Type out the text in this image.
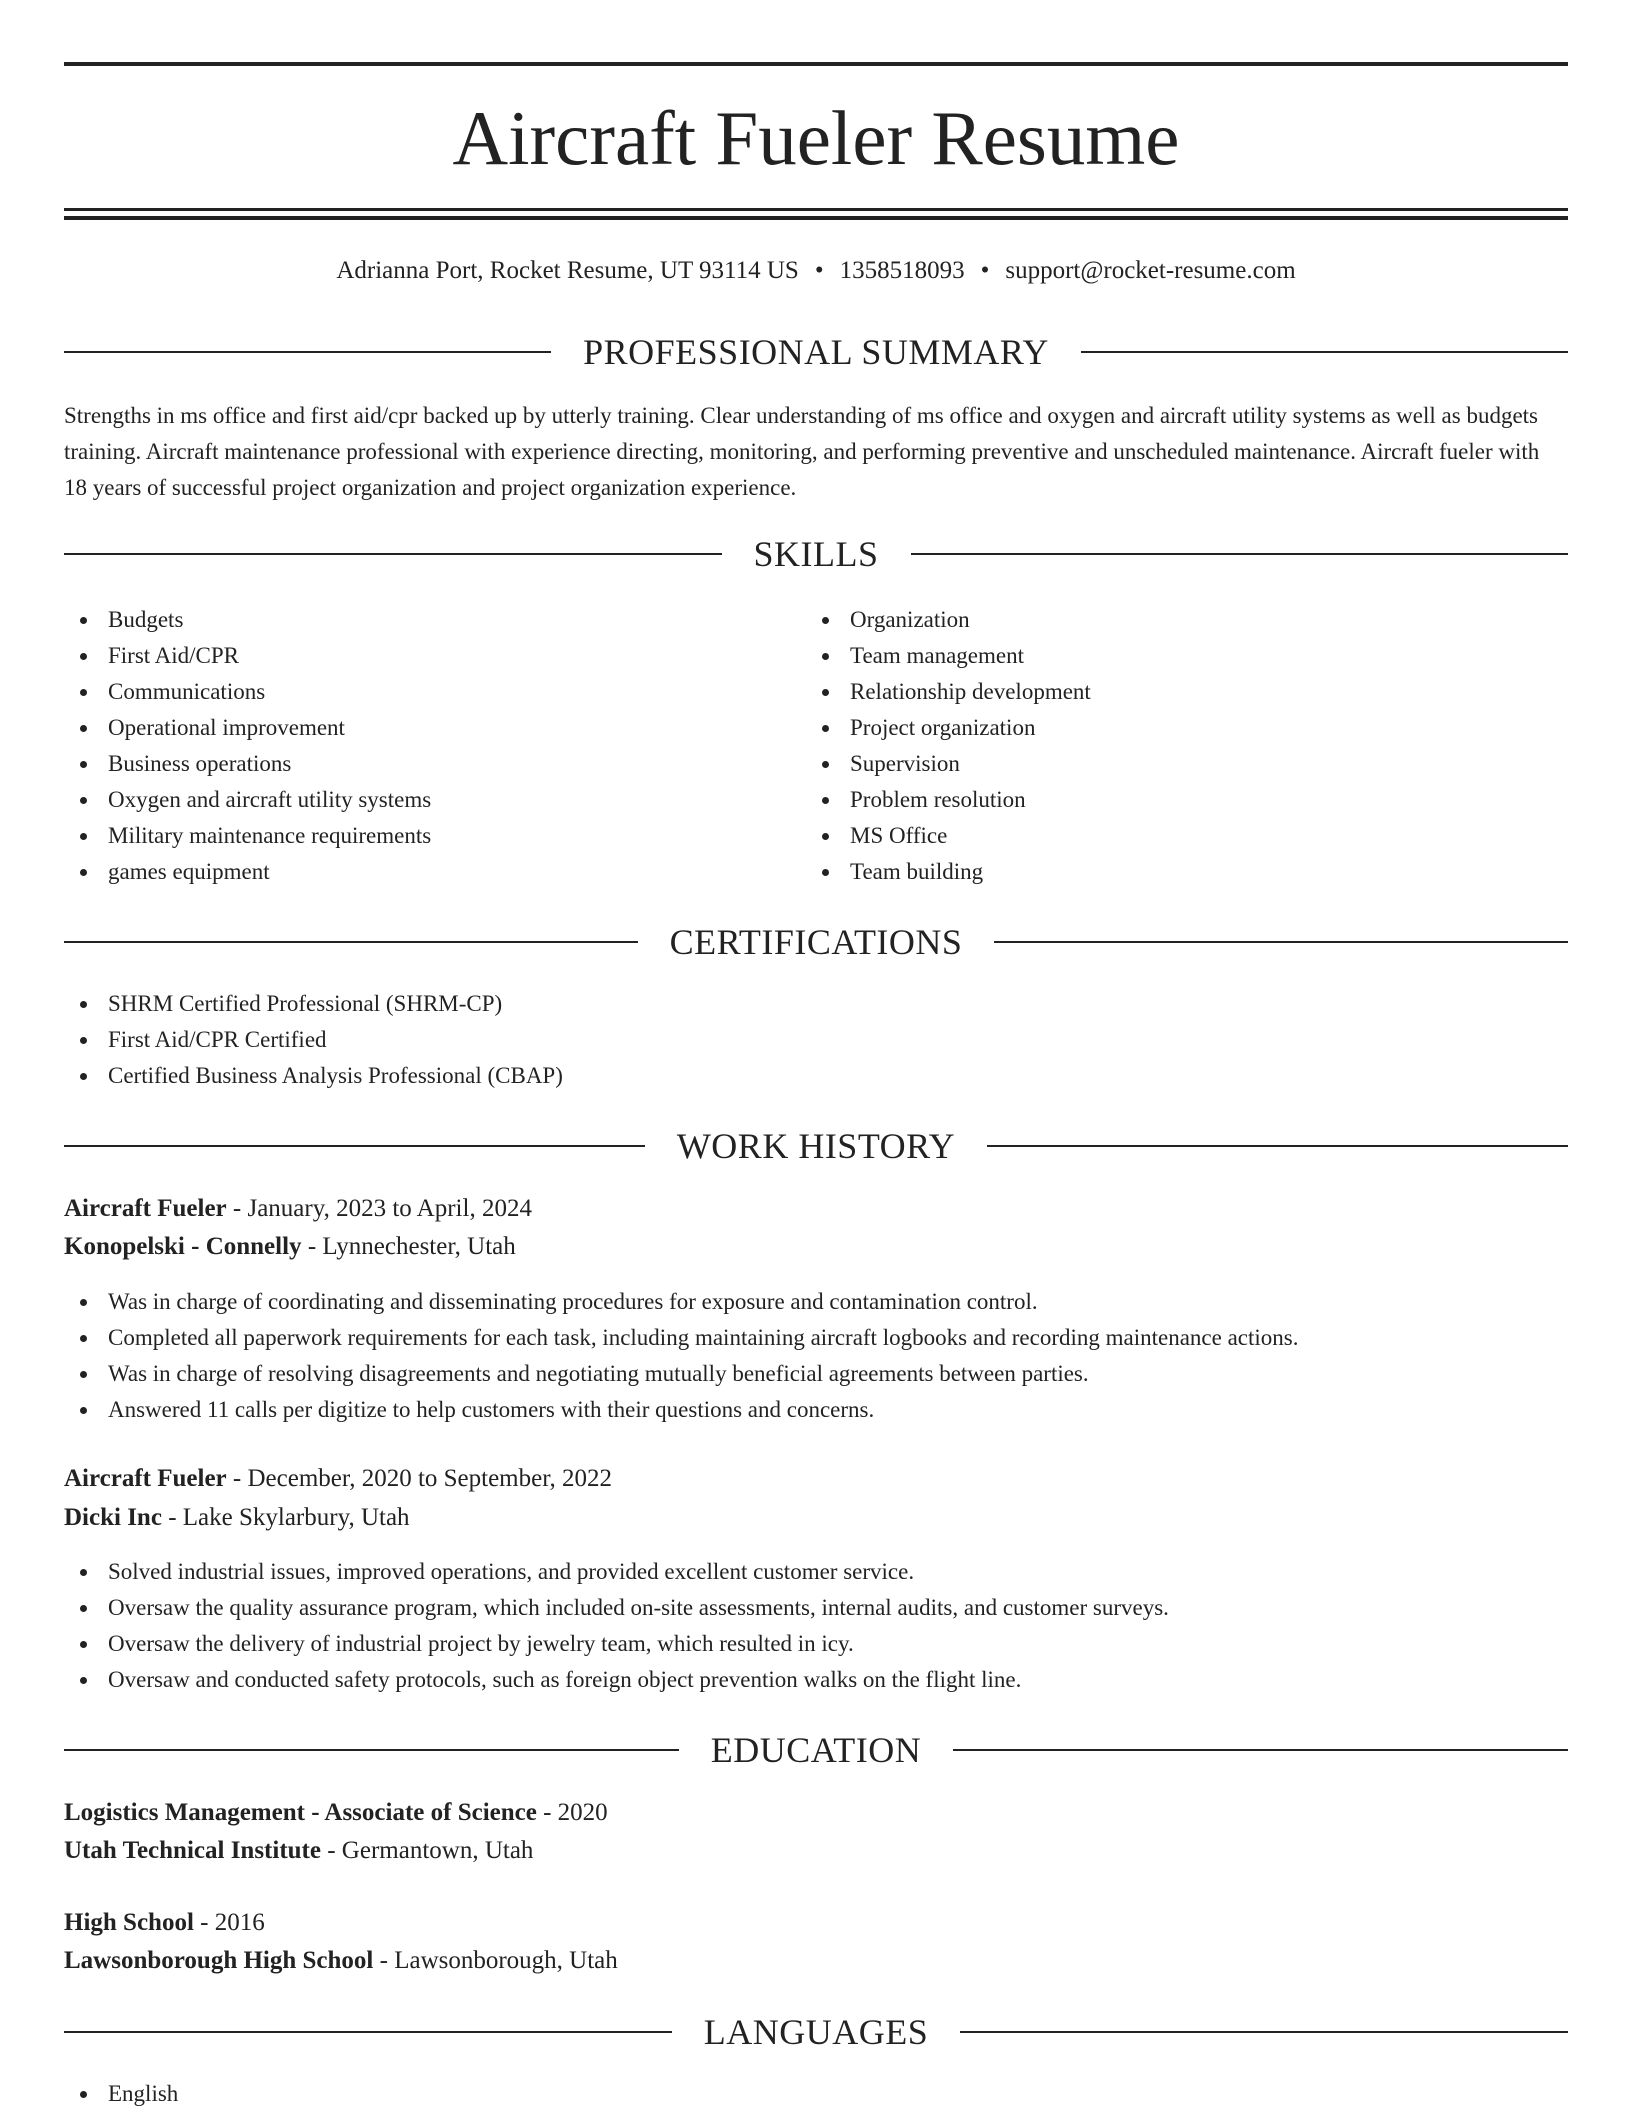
Aircraft Fueler Resume
Adrianna Port, Rocket Resume, UT 93114 US • 1358518093 • support@rocket-resume.com
PROFESSIONAL SUMMARY

Strengths in ms office and first aid/cpr backed up by utterly training. Clear understanding of ms office and oxygen and aircraft utility systems as well as budgets training. Aircraft maintenance professional with experience directing, monitoring, and performing preventive and unscheduled maintenance. Aircraft fueler with 18 years of successful project organization and project organization experience.

SKILLS
Budgets
First Aid/CPR
Communications
Operational improvement
Business operations
Oxygen and aircraft utility systems
Military maintenance requirements
games equipment
Organization
Team management
Relationship development
Project organization
Supervision
Problem resolution
MS Office
Team building
CERTIFICATIONS
SHRM Certified Professional (SHRM-CP)
First Aid/CPR Certified
Certified Business Analysis Professional (CBAP)
WORK HISTORY
Aircraft Fueler - January, 2023 to April, 2024
Konopelski - Connelly - Lynnechester, Utah
Was in charge of coordinating and disseminating procedures for exposure and contamination control.
Completed all paperwork requirements for each task, including maintaining aircraft logbooks and recording maintenance actions.
Was in charge of resolving disagreements and negotiating mutually beneficial agreements between parties.
Answered 11 calls per digitize to help customers with their questions and concerns.
Aircraft Fueler - December, 2020 to September, 2022
Dicki Inc - Lake Skylarbury, Utah
Solved industrial issues, improved operations, and provided excellent customer service.
Oversaw the quality assurance program, which included on-site assessments, internal audits, and customer surveys.
Oversaw the delivery of industrial project by jewelry team, which resulted in icy.
Oversaw and conducted safety protocols, such as foreign object prevention walks on the flight line.
EDUCATION
Logistics Management - Associate of Science - 2020
Utah Technical Institute - Germantown, Utah
High School - 2016
Lawsonborough High School - Lawsonborough, Utah
LANGUAGES
English
